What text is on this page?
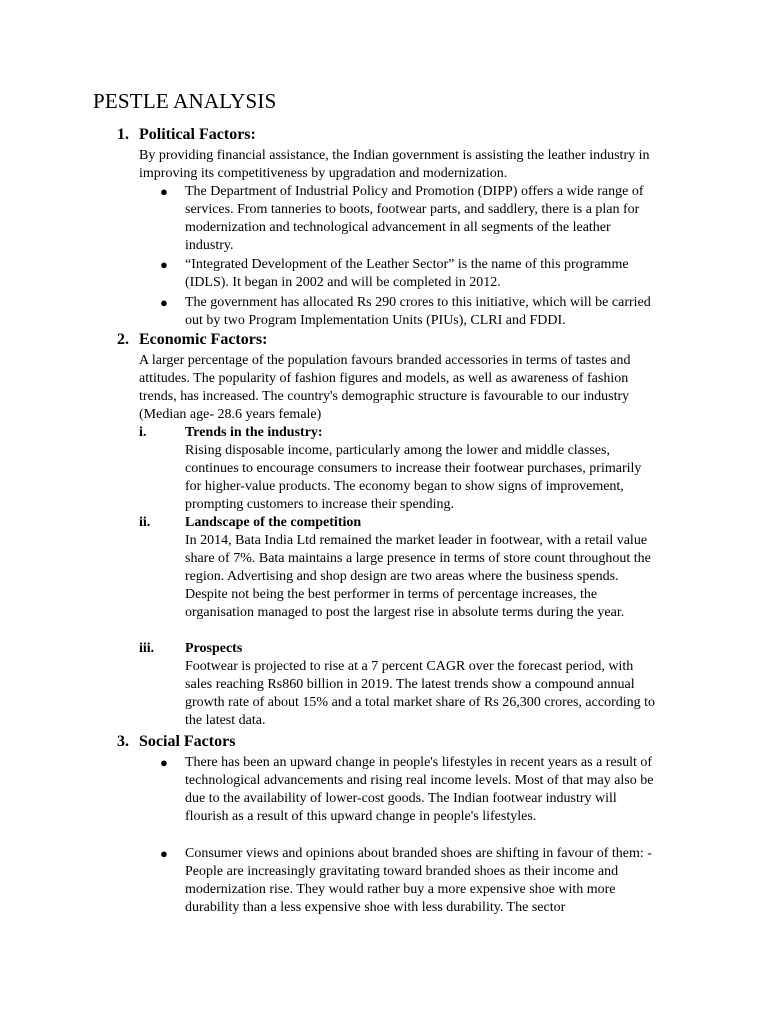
PESTLE ANALYSIS
1. Political Factors:

By providing financial assistance, the Indian government is assisting the leather industry in improving its competitiveness by upgradation and modernization.

● The Department of Industrial Policy and Promotion (DIPP) offers a wide range of services. From tanneries to boots, footwear parts, and saddlery, there is a plan for modernization and technological advancement in all segments of the leather industry.

● “Integrated Development of the Leather Sector” is the name of this programme (IDLS). It began in 2002 and will be completed in 2012.

● The government has allocated Rs 290 crores to this initiative, which will be carried out by two Program Implementation Units (PIUs), CLRI and FDDI.

2. Economic Factors:

A larger percentage of the population favours branded accessories in terms of tastes and attitudes. The popularity of fashion figures and models, as well as awareness of fashion trends, has increased. The country's demographic structure is favourable to our industry (Median age- 28.6 years female)

i.	Trends in the industry:

Rising disposable income, particularly among the lower and middle classes, continues to encourage consumers to increase their footwear purchases, primarily for higher-value products. The economy began to show signs of improvement, prompting customers to increase their spending.

ii. Landscape of the competition

In 2014, Bata India Ltd remained the market leader in footwear, with a retail value share of 7%. Bata maintains a large presence in terms of store count throughout the region. Advertising and shop design are two areas where the business spends. Despite not being the best performer in terms of percentage increases, the organisation managed to post the largest rise in absolute terms during the year.

iii. Prospects

Footwear is projected to rise at a 7 percent CAGR over the forecast period, with sales reaching Rs860 billion in 2019. The latest trends show a compound annual growth rate of about 15% and a total market share of Rs 26,300 crores, according to the latest data.

3. Social Factors
● There has been an upward change in people's lifestyles in recent years as a result of technological advancements and rising real income levels. Most of that may also be due to the availability of lower-cost goods. The Indian footwear industry will flourish as a result of this upward change in people's lifestyles.

● Consumer views and opinions about branded shoes are shifting in favour of them: - People are increasingly gravitating toward branded shoes as their income and modernization rise. They would rather buy a more expensive shoe with more durability than a less expensive shoe with less durability. The sector
